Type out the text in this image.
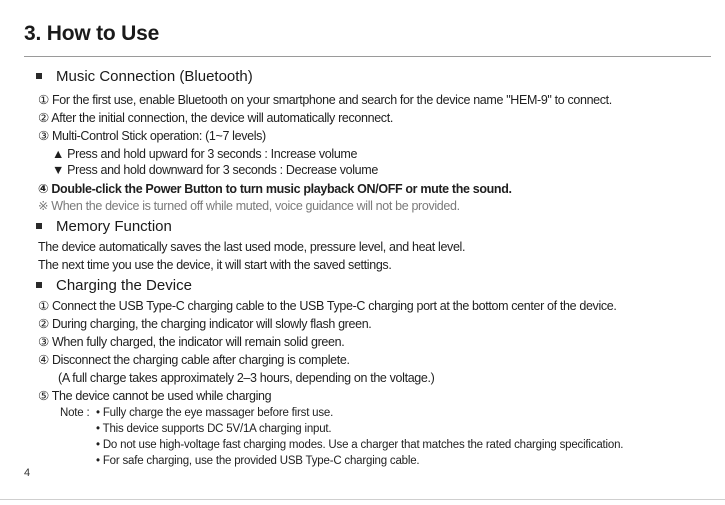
3. How to Use
Music Connection (Bluetooth)
① For the first use, enable Bluetooth on your smartphone and search for the device name "HEM-9" to connect.
② After the initial connection, the device will automatically reconnect.
③ Multi-Control Stick operation: (1~7 levels)
▲ Press and hold upward for 3 seconds : Increase volume
▼ Press and hold downward for 3 seconds : Decrease volume
④ Double-click the Power Button to turn music playback ON/OFF or mute the sound.
※ When the device is turned off while muted, voice guidance will not be provided.
Memory Function
The device automatically saves the last used mode, pressure level, and heat level.
The next time you use the device, it will start with the saved settings.
Charging the Device
① Connect the USB Type-C charging cable to the USB Type-C charging port at the bottom center of the device.
② During charging, the charging indicator will slowly flash green.
③ When fully charged, the indicator will remain solid green.
④ Disconnect the charging cable after charging is complete.
(A full charge takes approximately 2–3 hours, depending on the voltage.)
⑤ The device cannot be used while charging
Note : • Fully charge the eye massager before first use.
• This device supports DC 5V/1A charging input.
• Do not use high-voltage fast charging modes. Use a charger that matches the rated charging specification.
• For safe charging, use the provided USB Type-C charging cable.
4
